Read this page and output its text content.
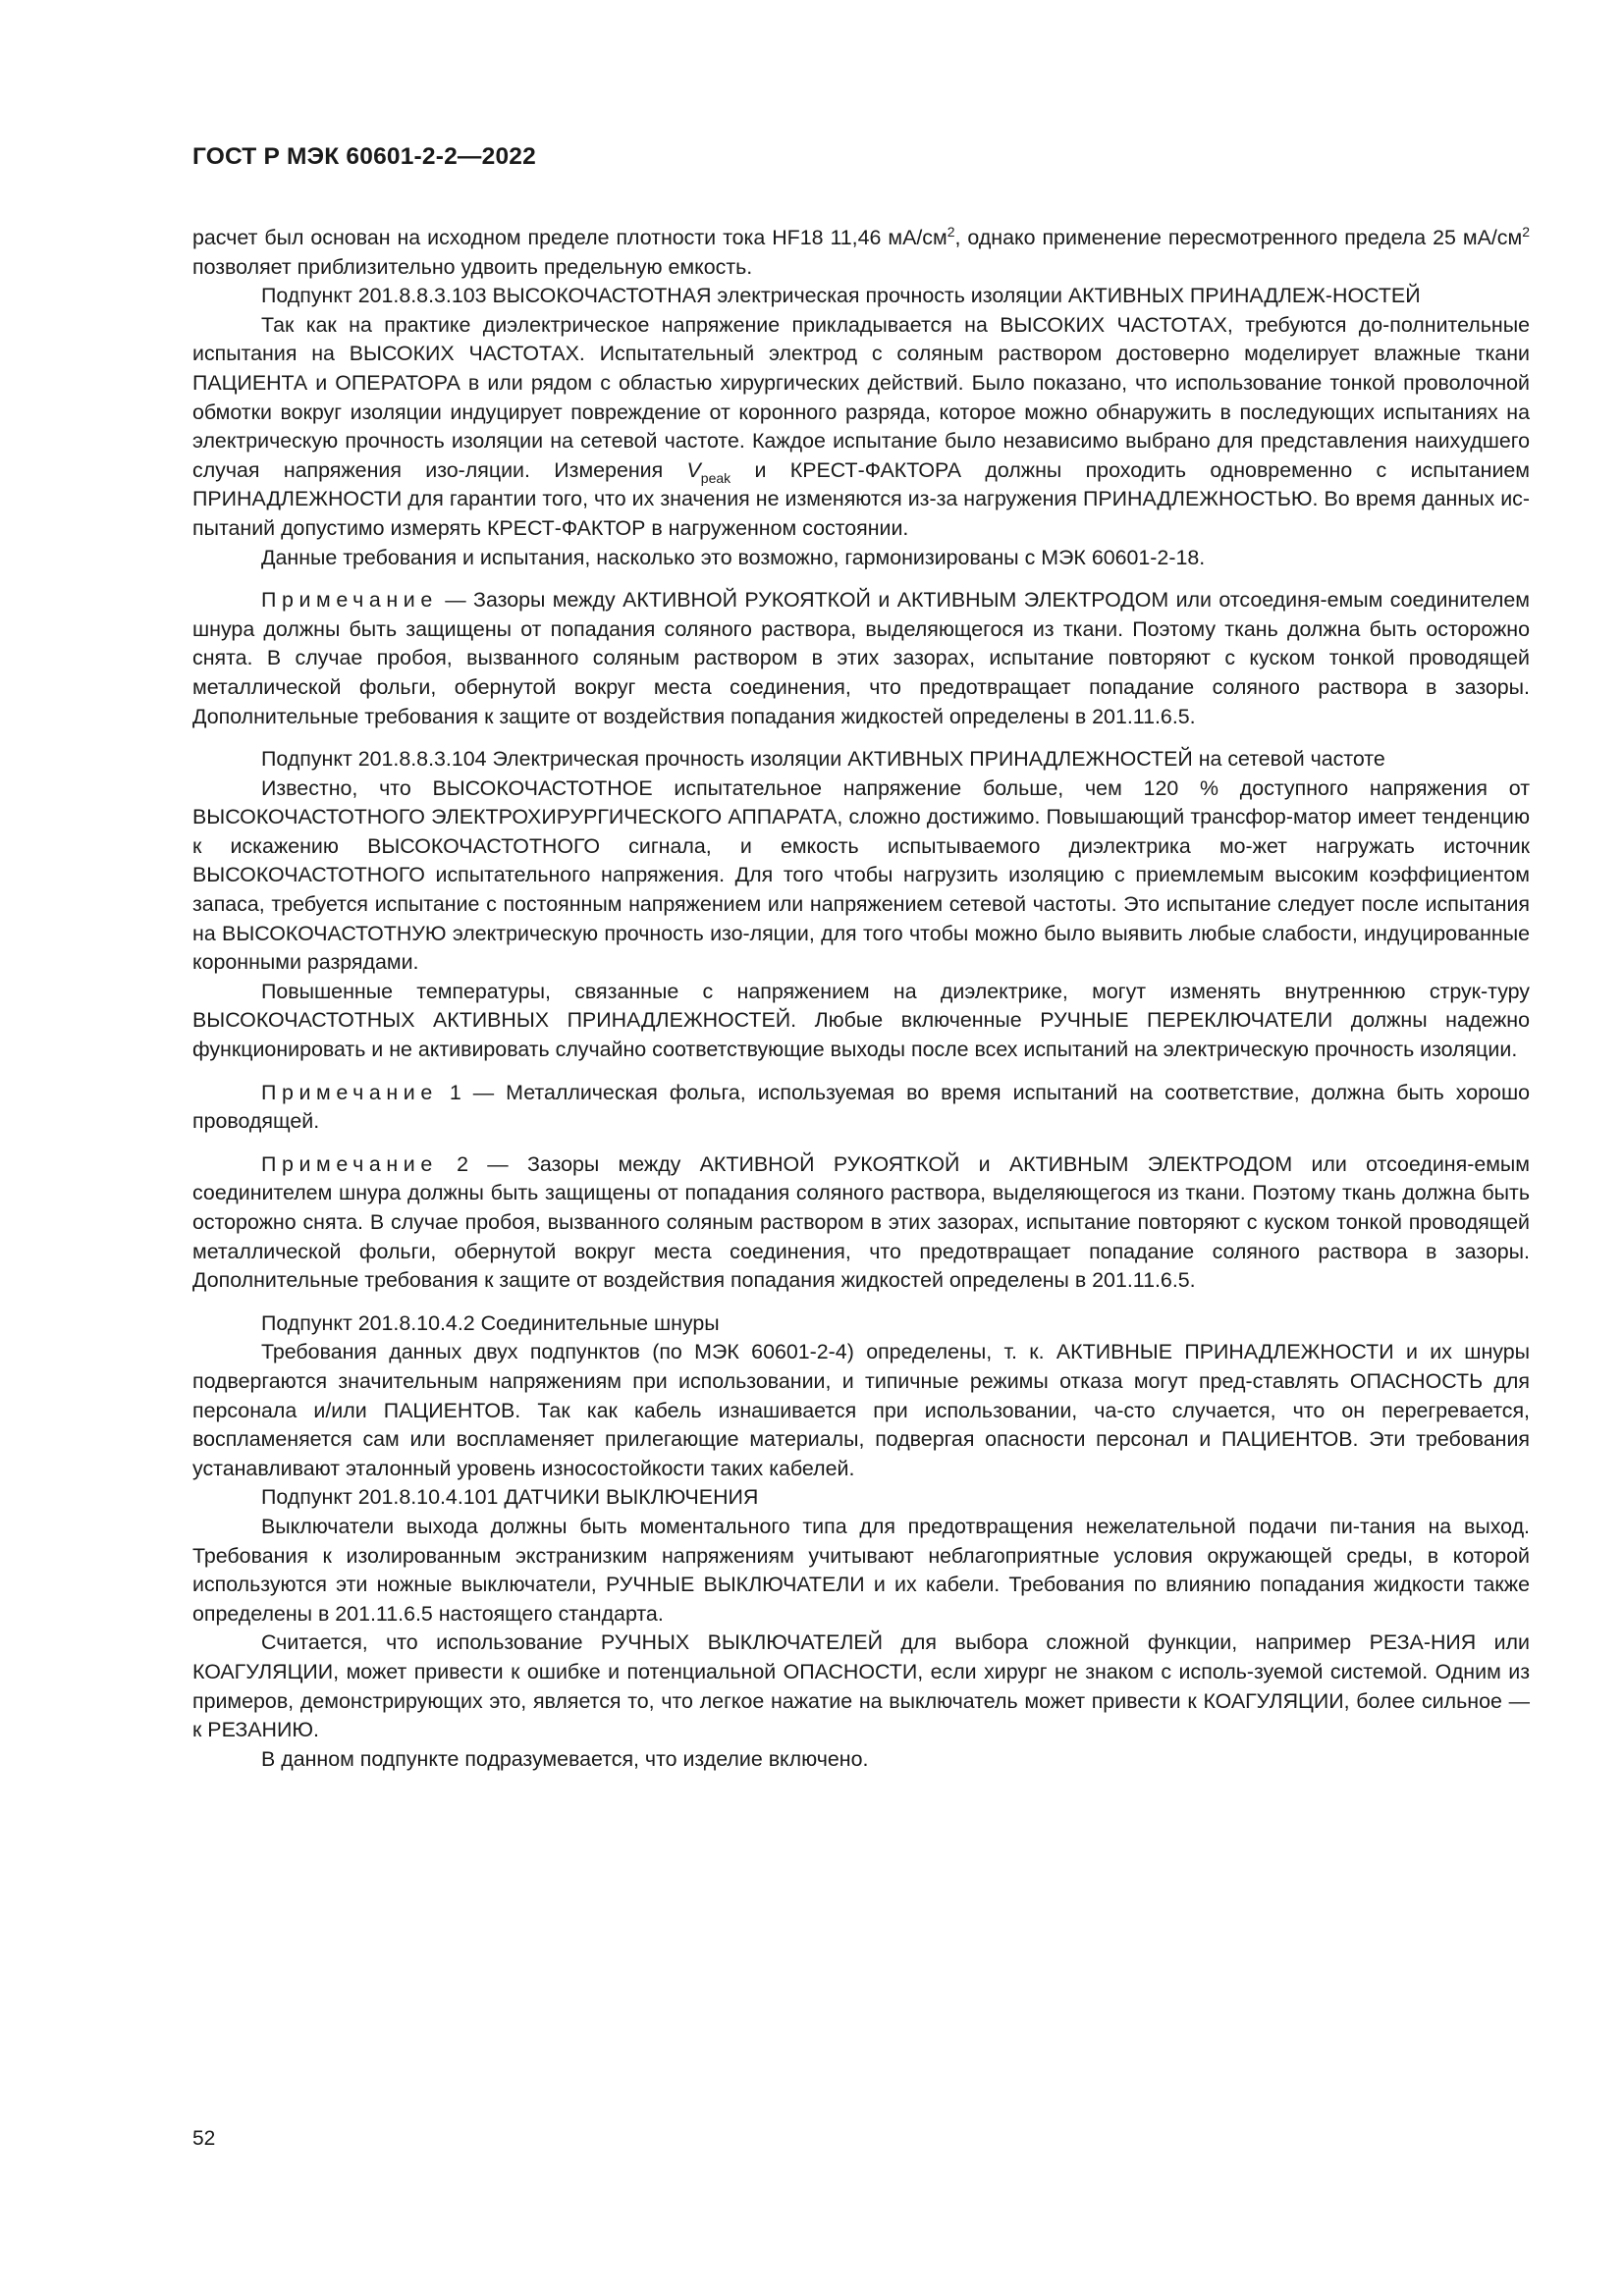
ГОСТ Р МЭК 60601-2-2—2022

расчет был основан на исходном пределе плотности тока HF18 11,46 $мА/см^2$, однако применение пересмотренного предела 25 $мА/см^2$ позволяет приблизительно удвоить предельную емкость.

Подпункт 201.8.8.3.103 ВЫСОКОЧАСТОТНАЯ электрическая прочность изоляции АКТИВНЫХ ПРИНАДЛЕЖ-НОСТЕЙ

Так как на практике диэлектрическое напряжение прикладывается на ВЫСОКИХ ЧАСТОТАХ, требуются до-полнительные испытания на ВЫСОКИХ ЧАСТОТАХ. Испытательный электрод с соляным раствором достоверно моделирует влажные ткани ПАЦИЕНТА и ОПЕРАТОРА в или рядом с областью хирургических действий. Было показано, что использование тонкой проволочной обмотки вокруг изоляции индуцирует повреждение от коронного разряда, которое можно обнаружить в последующих испытаниях на электрическую прочность изоляции на сетевой частоте. Каждое испытание было независимо выбрано для представления наихудшего случая напряжения изо-ляции. Измерения $V_{peak}$ и КРЕСТ-ФАКТОРА должны проходить одновременно с испытанием ПРИНАДЛЕЖНОСТИ для гарантии того, что их значения не изменяются из-за нагружения ПРИНАДЛЕЖНОСТЬЮ. Во время данных ис-пытаний допустимо измерять КРЕСТ-ФАКТОР в нагруженном состоянии.

Данные требования и испытания, насколько это возможно, гармонизированы с МЭК 60601-2-18.

Примечание — Зазоры между АКТИВНОЙ РУКОЯТКОЙ и АКТИВНЫМ ЭЛЕКТРОДОМ или отсоединя-емым соединителем шнура должны быть защищены от попадания соляного раствора, выделяющегося из ткани. Поэтому ткань должна быть осторожно снята. В случае пробоя, вызванного соляным раствором в этих зазорах, испытание повторяют с куском тонкой проводящей металлической фольги, обернутой вокруг места соединения, что предотвращает попадание соляного раствора в зазоры. Дополнительные требования к защите от воздействия попадания жидкостей определены в 201.11.6.5.

Подпункт 201.8.8.3.104 Электрическая прочность изоляции АКТИВНЫХ ПРИНАДЛЕЖНОСТЕЙ на сетевой частоте

Известно, что ВЫСОКОЧАСТОТНОЕ испытательное напряжение больше, чем 120 % доступного напряжения от ВЫСОКОЧАСТОТНОГО ЭЛЕКТРОХИРУРГИЧЕСКОГО АППАРАТА, сложно достижимо. Повышающий трансфор-матор имеет тенденцию к искажению ВЫСОКОЧАСТОТНОГО сигнала, и емкость испытываемого диэлектрика мо-жет нагружать источник ВЫСОКОЧАСТОТНОГО испытательного напряжения. Для того чтобы нагрузить изоляцию с приемлемым высоким коэффициентом запаса, требуется испытание с постоянным напряжением или напряжением сетевой частоты. Это испытание следует после испытания на ВЫСОКОЧАСТОТНУЮ электрическую прочность изо-ляции, для того чтобы можно было выявить любые слабости, индуцированные коронными разрядами.

Повышенные температуры, связанные с напряжением на диэлектрике, могут изменять внутреннюю струк-туру ВЫСОКОЧАСТОТНЫХ АКТИВНЫХ ПРИНАДЛЕЖНОСТЕЙ. Любые включенные РУЧНЫЕ ПЕРЕКЛЮЧАТЕЛИ должны надежно функционировать и не активировать случайно соответствующие выходы после всех испытаний на электрическую прочность изоляции.

Примечание 1 — Металлическая фольга, используемая во время испытаний на соответствие, должна быть хорошо проводящей.

Примечание 2 — Зазоры между АКТИВНОЙ РУКОЯТКОЙ и АКТИВНЫМ ЭЛЕКТРОДОМ или отсоединя-емым соединителем шнура должны быть защищены от попадания соляного раствора, выделяющегося из ткани. Поэтому ткань должна быть осторожно снята. В случае пробоя, вызванного соляным раствором в этих зазорах, испытание повторяют с куском тонкой проводящей металлической фольги, обернутой вокруг места соединения, что предотвращает попадание соляного раствора в зазоры. Дополнительные требования к защите от воздействия попадания жидкостей определены в 201.11.6.5.

Подпункт 201.8.10.4.2 Соединительные шнуры

Требования данных двух подпунктов (по МЭК 60601-2-4) определены, т. к. АКТИВНЫЕ ПРИНАДЛЕЖНОСТИ и их шнуры подвергаются значительным напряжениям при использовании, и типичные режимы отказа могут пред-ставлять ОПАСНОСТЬ для персонала и/или ПАЦИЕНТОВ. Так как кабель изнашивается при использовании, ча-сто случается, что он перегревается, воспламеняется сам или воспламеняет прилегающие материалы, подвергая опасности персонал и ПАЦИЕНТОВ. Эти требования устанавливают эталонный уровень износостойкости таких кабелей.

Подпункт 201.8.10.4.101 ДАТЧИКИ ВЫКЛЮЧЕНИЯ

Выключатели выхода должны быть моментального типа для предотвращения нежелательной подачи пи-тания на выход. Требования к изолированным экстранизким напряжениям учитывают неблагоприятные условия окружающей среды, в которой используются эти ножные выключатели, РУЧНЫЕ ВЫКЛЮЧАТЕЛИ и их кабели. Требования по влиянию попадания жидкости также определены в 201.11.6.5 настоящего стандарта.

Считается, что использование РУЧНЫХ ВЫКЛЮЧАТЕЛЕЙ для выбора сложной функции, например РЕЗА-НИЯ или КОАГУЛЯЦИИ, может привести к ошибке и потенциальной ОПАСНОСТИ, если хирург не знаком с исполь-зуемой системой. Одним из примеров, демонстрирующих это, является то, что легкое нажатие на выключатель может привести к КОАГУЛЯЦИИ, более сильное — к РЕЗАНИЮ.

В данном подпункте подразумевается, что изделие включено.

52
